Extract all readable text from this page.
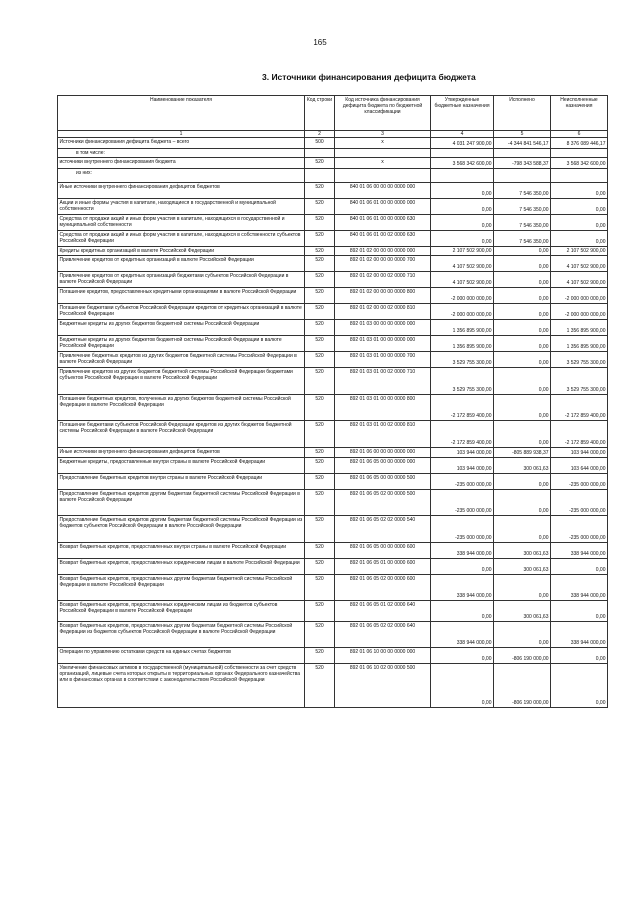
165
3. Источники финансирования дефицита бюджета
Наименование показателя	Код строки	Код источника финансирования дефицита бюджета по бюджетной классификации	Утвержденные бюджетные назначения	Исполнено	Неисполненные назначения
1	2	3	4	5	6
Источники финансирования дефицита бюджета – всего	500	x	4 031 247 900,00	-4 344 841 546,17	8 376 089 446,17
в том числе:					
источники внутреннего финансирования бюджета	520	x	3 568 342 600,00	-798 343 588,37	3 568 342 600,00
из них:					
Иные источники внутреннего финансирования дефицитов бюджетов	520	840 01 06 00 00 00 0000 000	0,00	7 546 350,00	0,00
Акции и иные формы участия в капитале, находящиеся в государственной и муниципальной собственности	520	840 01 06 01 00 00 0000 000	0,00	7 546 350,00	0,00
Средства от продажи акций и иных форм участия в капитале, находящихся в государственной и муниципальной собственности	520	840 01 06 01 00 00 0000 630	0,00	7 546 350,00	0,00
Средства от продажи акций и иных форм участия в капитале, находящихся в собственности субъектов Российской Федерации	520	840 01 06 01 00 02 0000 630	0,00	7 546 350,00	0,00
Кредиты кредитных организаций в валюте Российской Федерации	520	892 01 02 00 00 00 0000 000	2 107 502 900,00	0,00	2 107 502 900,00
Привлечение кредитов от кредитных организаций в валюте Российской Федерации	520	892 01 02 00 00 00 0000 700	4 107 502 900,00	0,00	4 107 502 900,00
Привлечение кредитов от кредитных организаций бюджетами субъектов Российской Федерации в валюте Российской Федерации	520	892 01 02 00 00 02 0000 710	4 107 502 900,00	0,00	4 107 502 900,00
Погашение кредитов, предоставленных кредитными организациями в валюте Российской Федерации	520	892 01 02 00 00 00 0000 800	-2 000 000 000,00	0,00	-2 000 000 000,00
Погашение бюджетами субъектов Российской Федерации кредитов от кредитных организаций в валюте Российской Федерации	520	892 01 02 00 00 02 0000 810	-2 000 000 000,00	0,00	-2 000 000 000,00
Бюджетные кредиты из других бюджетов бюджетной системы Российской Федерации	520	892 01 03 00 00 00 0000 000	1 356 895 900,00	0,00	1 356 895 900,00
Бюджетные кредиты из других бюджетов бюджетной системы Российской Федерации в валюте Российской Федерации	520	892 01 03 01 00 00 0000 000	1 356 895 900,00	0,00	1 356 895 900,00
Привлечение бюджетных кредитов из других бюджетов бюджетной системы Российской Федерации в валюте Российской Федерации	520	892 01 03 01 00 00 0000 700	3 529 755 300,00	0,00	3 529 755 300,00
Привлечение кредитов из других бюджетов бюджетной системы Российской Федерации бюджетами субъектов Российской Федерации в валюте Российской Федерации	520	892 01 03 01 00 02 0000 710	3 529 755 300,00	0,00	3 529 755 300,00
Погашение бюджетных кредитов, полученных из других бюджетов бюджетной системы Российской Федерации в валюте Российской Федерации	520	892 01 03 01 00 00 0000 800	-2 172 859 400,00	0,00	-2 172 859 400,00
Погашение бюджетами субъектов Российской Федерации кредитов из других бюджетов бюджетной системы Российской Федерации в валюте Российской Федерации	520	892 01 03 01 00 02 0000 810	-2 172 859 400,00	0,00	-2 172 859 400,00
Иные источники внутреннего финансирования дефицитов бюджетов	520	892 01 06 00 00 00 0000 000	103 944 000,00	-805 889 938,37	103 944 000,00
Бюджетные кредиты, предоставленные внутри страны в валюте Российской Федерации	520	892 01 06 05 00 00 0000 000	103 944 000,00	300 061,63	103 644 000,00
Предоставление бюджетных кредитов внутри страны в валюте Российской Федерации	520	892 01 06 05 00 00 0000 500	-235 000 000,00	0,00	-235 000 000,00
Предоставление бюджетных кредитов другим бюджетам бюджетной системы Российской Федерации в валюте Российской Федерации	520	892 01 06 05 02 00 0000 500	-235 000 000,00	0,00	-235 000 000,00
Предоставление бюджетных кредитов другим бюджетам бюджетной системы Российской Федерации из бюджетов субъектов Российской Федерации в валюте Российской Федерации	520	892 01 06 05 02 02 0000 540	-235 000 000,00	0,00	-235 000 000,00
Возврат бюджетных кредитов, предоставленных внутри страны в валюте Российской Федерации	520	892 01 06 05 00 00 0000 600	338 944 000,00	300 061,63	338 944 000,00
Возврат бюджетных кредитов, предоставленных юридическим лицам в валюте Российской Федерации	520	892 01 06 05 01 00 0000 600	0,00	300 061,63	0,00
Возврат бюджетных кредитов, предоставленных другим бюджетам бюджетной системы Российской Федерации в валюте Российской Федерации	520	892 01 06 05 02 00 0000 600	338 944 000,00	0,00	338 944 000,00
Возврат бюджетных кредитов, предоставленных юридическим лицам из бюджетов субъектов Российской Федерации в валюте Российской Федерации	520	892 01 06 05 01 02 0000 640	0,00	300 061,63	0,00
Возврат бюджетных кредитов, предоставленных другим бюджетам бюджетной системы Российской Федерации из бюджетов субъектов Российской Федерации в валюте Российской Федерации	520	892 01 06 05 02 02 0000 640	338 944 000,00	0,00	338 944 000,00
Операции по управлению остатками средств на единых счетах бюджетов	520	892 01 06 10 00 00 0000 000	0,00	-806 190 000,00	0,00
Увеличение финансовых активов в государственной (муниципальной) собственности за счет средств организаций, лицевые счета которых открыты в территориальных органах Федерального казначейства или в финансовых органах в соответствии с законодательством Российской Федерации	520	892 01 06 10 02 00 0000 500	0,00	-806 190 000,00	0,00
